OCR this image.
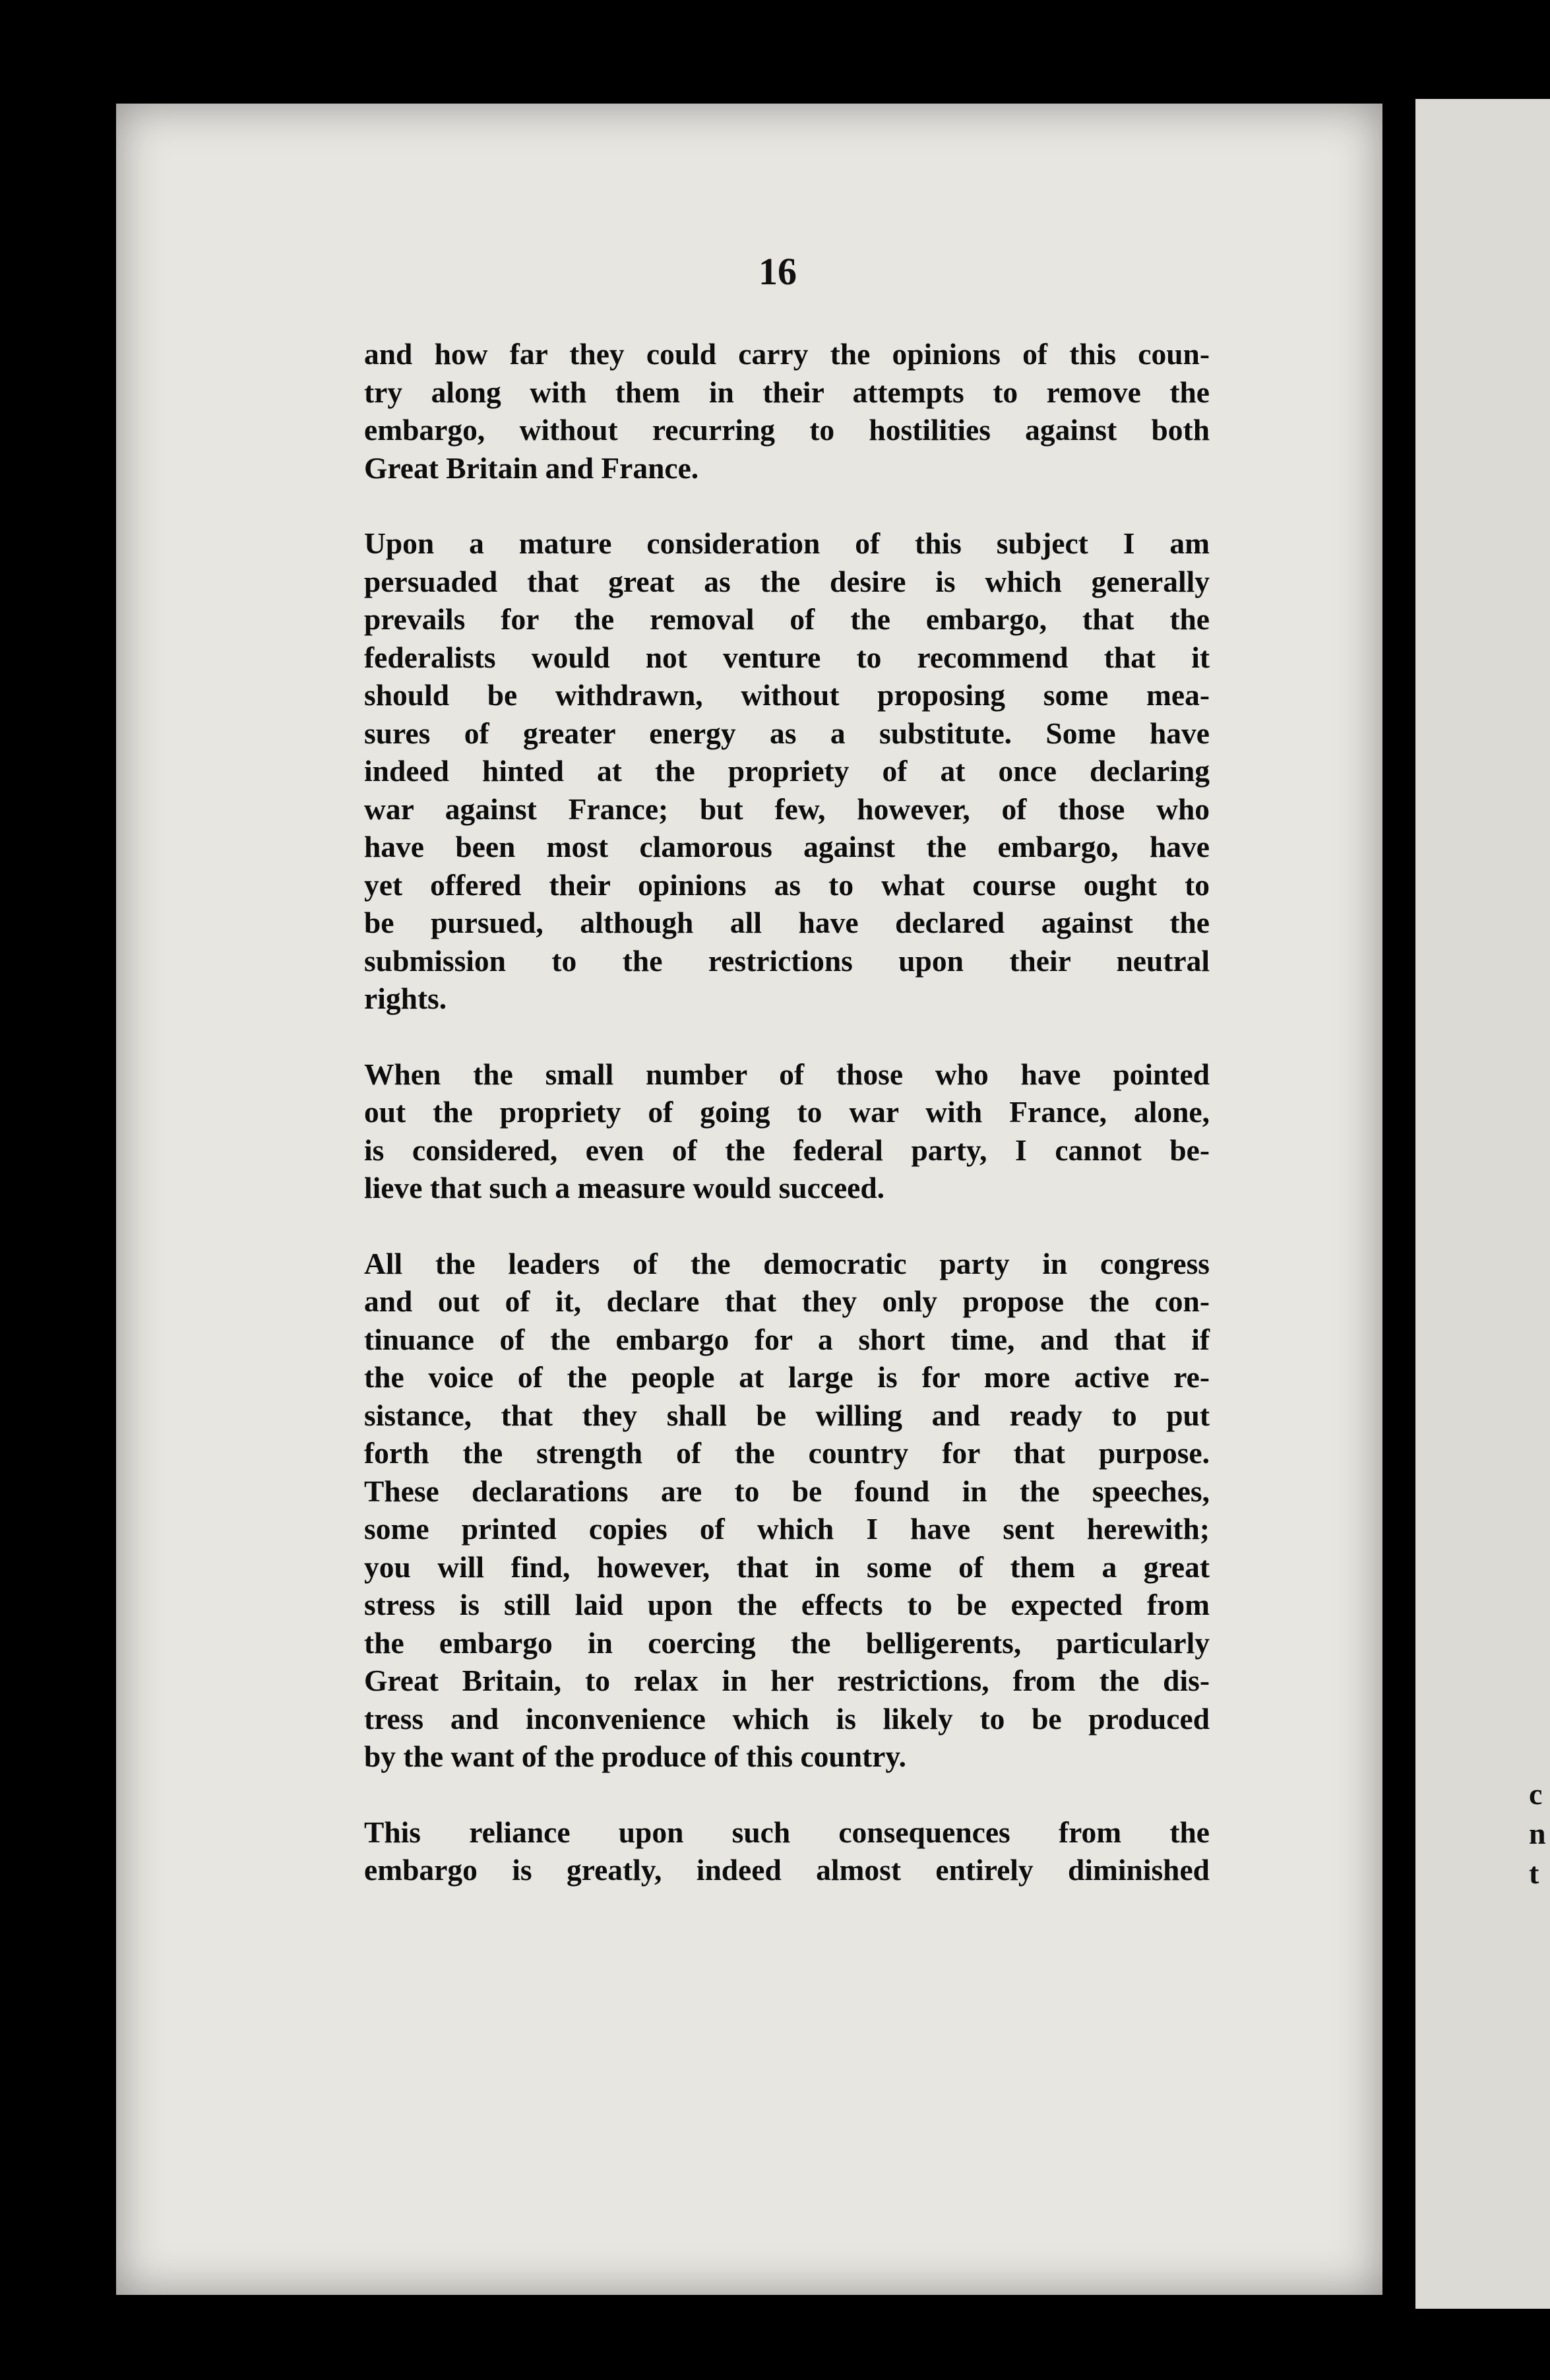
16

and how far they could carry the opinions of this coun-
try along with them in their attempts to remove the
embargo, without recurring to hostilities against both
Great Britain and France.

Upon a mature consideration of this subject I am
persuaded that great as the desire is which generally
prevails for the removal of the embargo, that the
federalists would not venture to recommend that it
should be withdrawn, without proposing some mea-
sures of greater energy as a substitute. Some have
indeed hinted at the propriety of at once declaring
war against France; but few, however, of those who
have been most clamorous against the embargo, have
yet offered their opinions as to what course ought to
be pursued, although all have declared against the
submission to the restrictions upon their neutral
rights.

When the small number of those who have pointed
out the propriety of going to war with France, alone,
is considered, even of the federal party, I cannot be-
lieve that such a measure would succeed.

All the leaders of the democratic party in congress
and out of it, declare that they only propose the con-
tinuance of the embargo for a short time, and that if
the voice of the people at large is for more active re-
sistance, that they shall be willing and ready to put
forth the strength of the country for that purpose.
These declarations are to be found in the speeches,
some printed copies of which I have sent herewith;
you will find, however, that in some of them a great
stress is still laid upon the effects to be expected from
the embargo in coercing the belligerents, particularly
Great Britain, to relax in her restrictions, from the dis-
tress and inconvenience which is likely to be produced
by the want of the produce of this country.

This reliance upon such consequences from the
embargo is greatly, indeed almost entirely diminished

c
n
t
